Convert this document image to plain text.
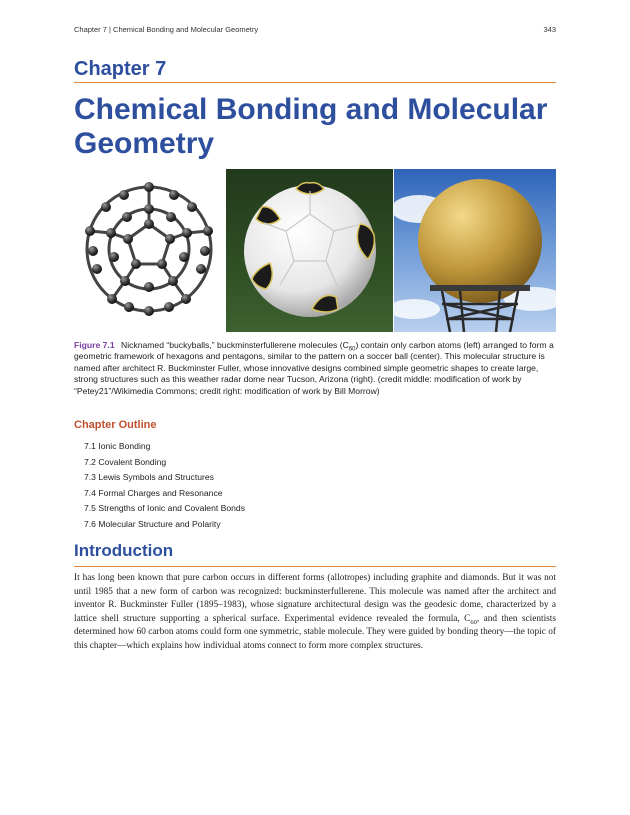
Chapter 7 | Chemical Bonding and Molecular Geometry	343
Chapter 7
Chemical Bonding and Molecular Geometry
Figure 7.1 Nicknamed “buckyballs,” buckminsterfullerene molecules $(C_{60})$ contain only carbon atoms (left) arranged to form a geometric framework of hexagons and pentagons, similar to the pattern on a soccer ball (center). This molecular structure is named after architect R. Buckminster Fuller, whose innovative designs combined simple geometric shapes to create large, strong structures such as this weather radar dome near Tucson, Arizona (right). (credit middle: modification of work by “Petey21”/Wikimedia Commons; credit right: modification of work by Bill Morrow)
Chapter Outline
7.1 Ionic Bonding
7.2 Covalent Bonding
7.3 Lewis Symbols and Structures
7.4 Formal Charges and Resonance
7.5 Strengths of Ionic and Covalent Bonds
7.6 Molecular Structure and Polarity
Introduction
It has long been known that pure carbon occurs in different forms (allotropes) including graphite and diamonds. But it was not until 1985 that a new form of carbon was recognized: buckminsterfullerene. This molecule was named after the architect and inventor R. Buckminster Fuller (1895–1983), whose signature architectural design was the geodesic dome, characterized by a lattice shell structure supporting a spherical surface. Experimental evidence revealed the formula, $C_{60}$, and then scientists determined how 60 carbon atoms could form one symmetric, stable molecule. They were guided by bonding theory—the topic of this chapter—which explains how individual atoms connect to form more complex structures.
